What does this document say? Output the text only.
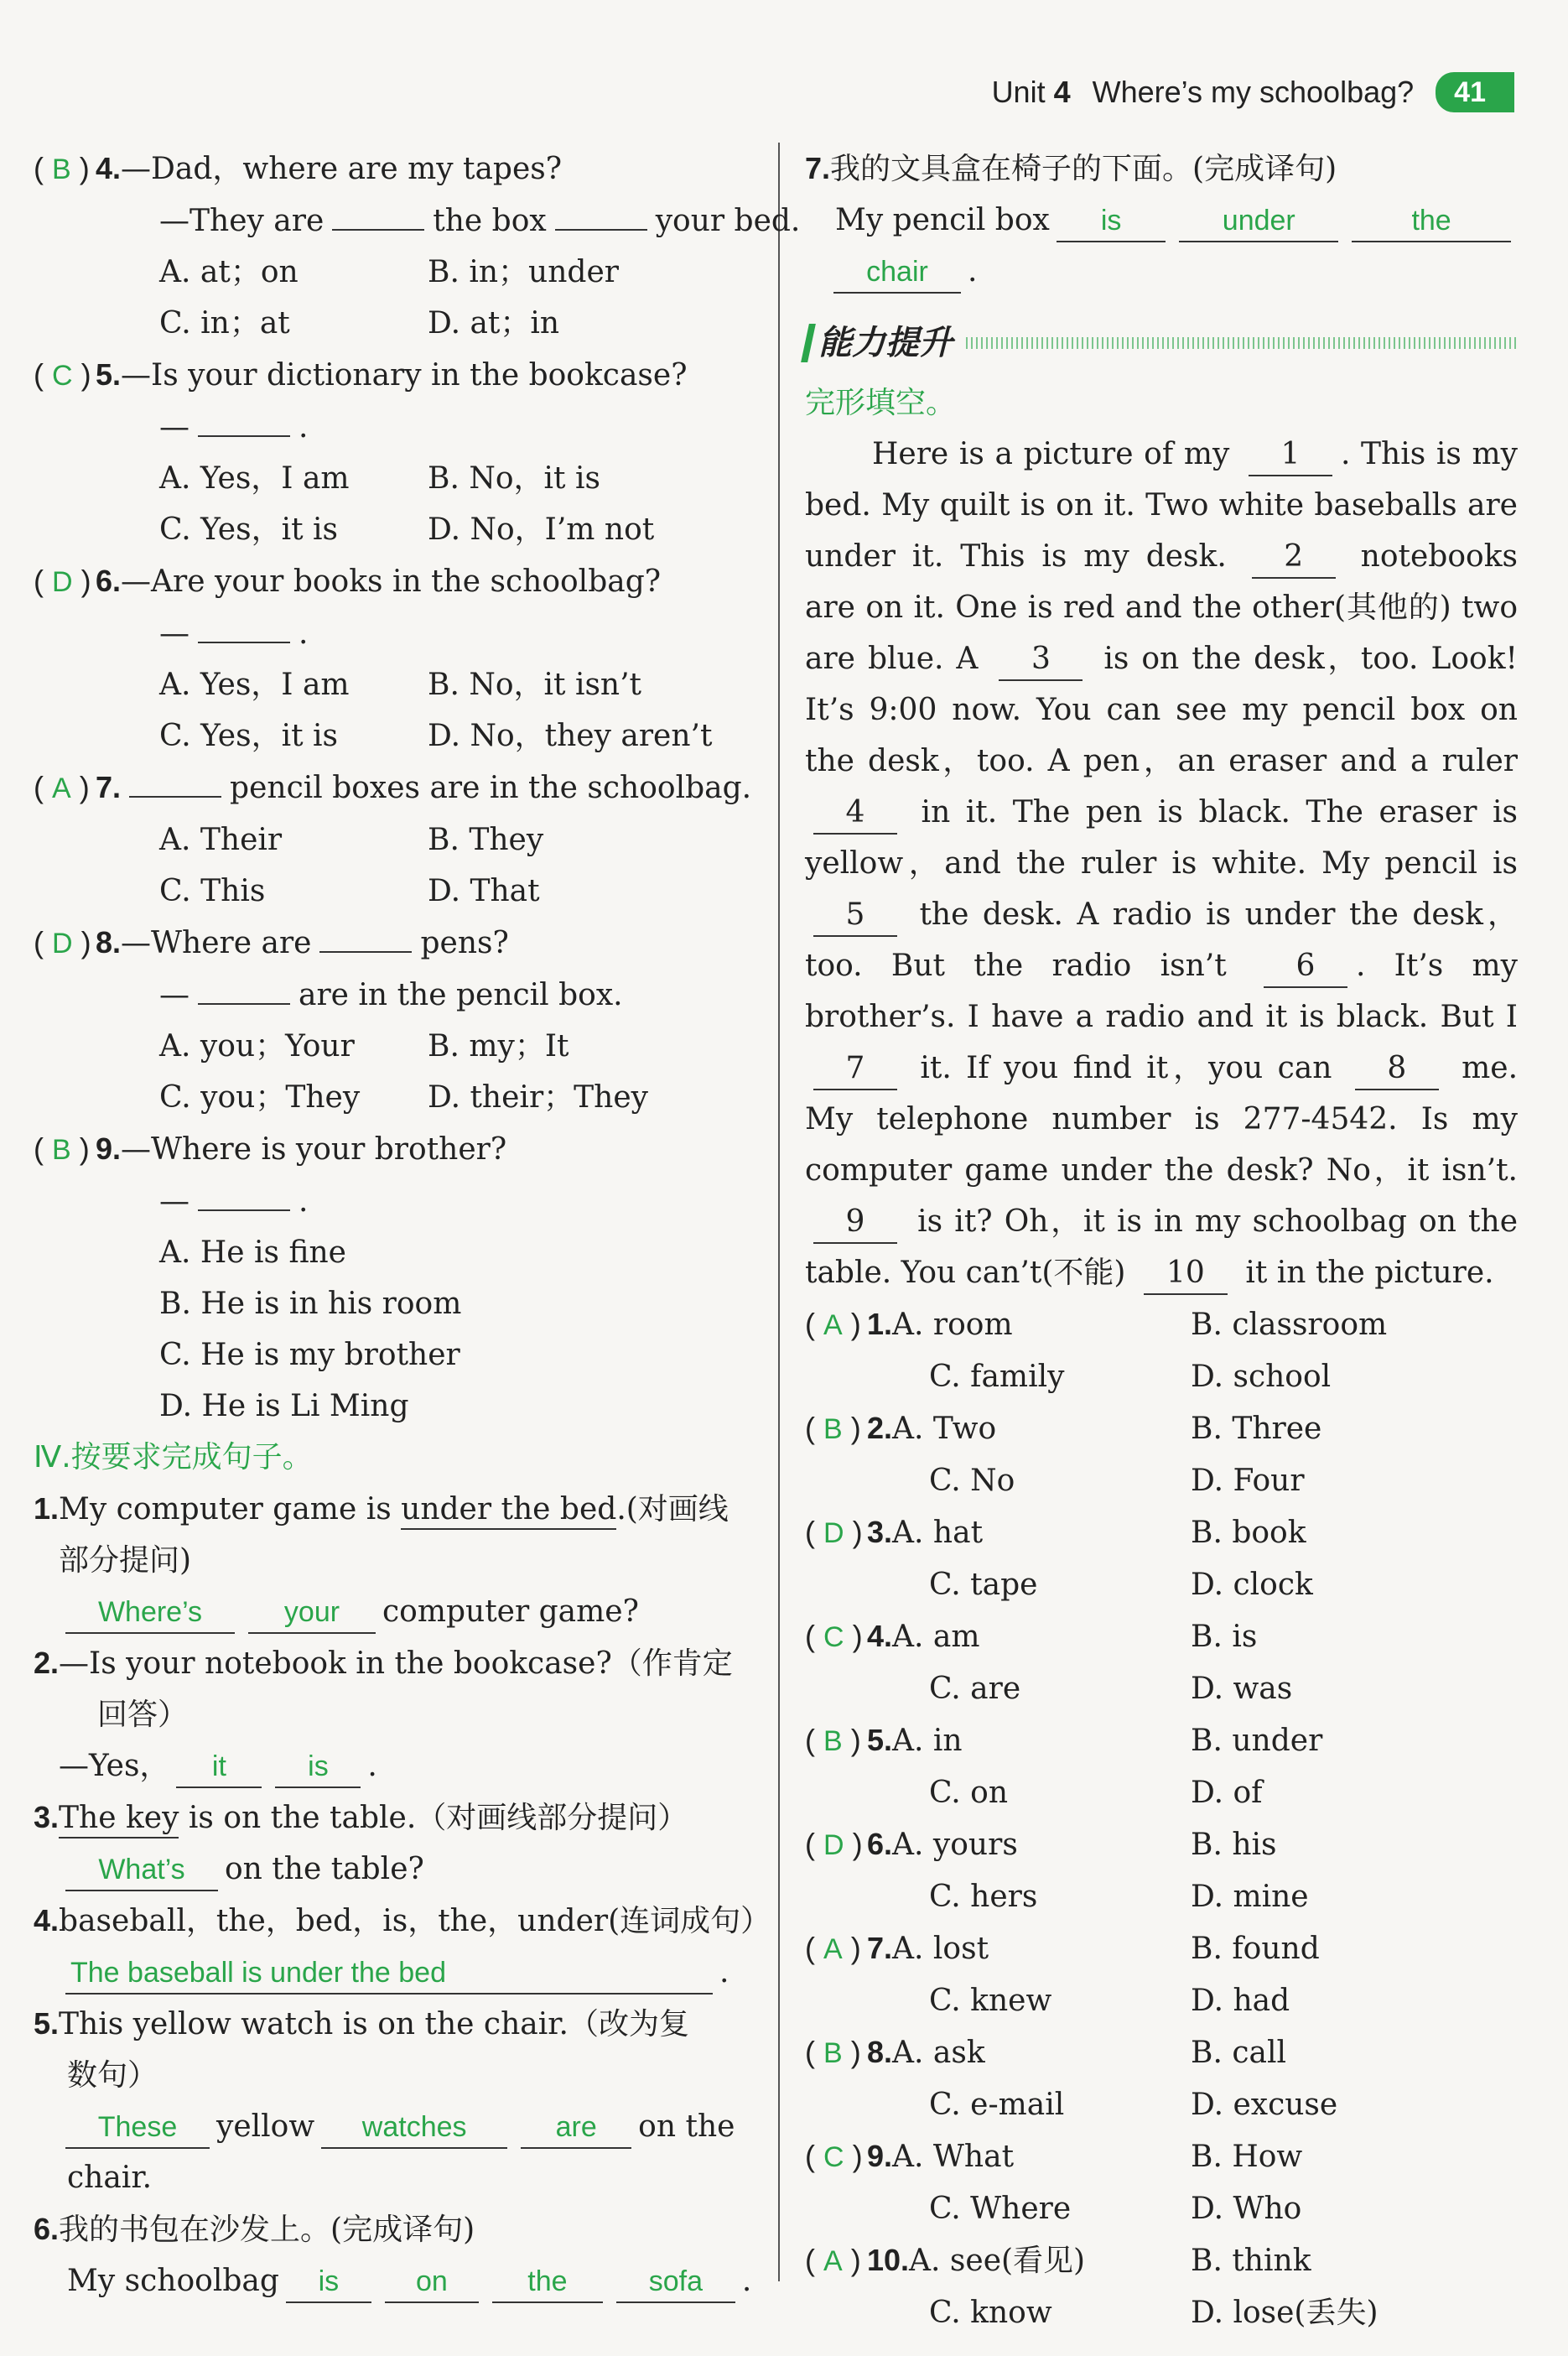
Unit 4 Where’s my schoolbag?	41
( B ) 4. —Dad，where are my tapes?
—They are	the box	your bed.
A. at；on	B. in；under
C. in；at	D. at；in
( C ) 5. —Is your dictionary in the bookcase?
—	.
A. Yes，I am	B. No，it is
C. Yes，it is	D. No，I’m not
( D ) 6. —Are your books in the schoolbag?
—	.
A. Yes，I am	B. No，it isn’t
C. Yes，it is	D. No，they aren’t
( A ) 7.	pencil boxes are in the schoolbag.
A. Their	B. They
C. This	D. That
( D ) 8. —Where are	pens?
—	are in the pencil box.
A. you；Your	B. my；It
C. you；They	D. their；They
( B ) 9. —Where is your brother?
—	.
A. He is fine
B. He is in his room
C. He is my brother
D. He is Li Ming
Ⅳ.按要求完成句子。
1. My computer game is
under the bed .(对画线
部分提问)
Where’s	your	computer game?
2. —Is your notebook in the bookcase?（作肯定
回答）
—Yes，	it	is	.
3. The key
is on the table.（对画线部分提问）
What’s	on the table?
4. baseball，the，bed，is，the，under(连词成句）
The baseball is under the bed	.
5. This yellow watch is on the chair.（改为复
数句）
These	yellow	watches	are	on the
chair.
6. 我的书包在沙发上。(完成译句)
My schoolbag	is	on	the	sofa	.
7. 我的文具盒在椅子的下面。(完成译句)
My pencil box	is	under	the
chair	.
能力提升
完形填空。
Here is a picture of my 1 . This is my bed. My quilt is on it. Two white baseballs are under it. This is my desk. 2 notebooks are on it. One is red and the other(其他的) two are blue. A 3 is on the desk，too. Look! It’s 9:00 now. You can see my pencil box on the desk，too. A pen，an eraser and a ruler 4 in it. The pen is black. The eraser is yellow，and the ruler is white. My pencil is 5 the desk. A radio is under the desk，too. But the radio isn’t 6 . It’s my brother’s. I have a radio and it is black. But I 7 it. If you find it，you can 8 me. My telephone number is 277-4542. Is my computer game under the desk? No，it isn’t. 9 is it? Oh，it is in my schoolbag on the table. You can’t(不能) 10 it in the picture.
( A ) 1.A. room	B. classroom
C. family	D. school
( B ) 2.A. Two	B. Three
C. No	D. Four
( D ) 3.A. hat	B. book
C. tape	D. clock
( C ) 4.A. am	B. is
C. are	D. was
( B ) 5.A. in	B. under
C. on	D. of
( D ) 6.A. yours	B. his
C. hers	D. mine
( A ) 7.A. lost	B. found
C. knew	D. had
( B ) 8.A. ask	B. call
C. e-mail	D. excuse
( C ) 9.A. What	B. How
C. Where	D. Who
( A ) 10.A. see(看见)	B. think
C. know	D. lose(丢失)
